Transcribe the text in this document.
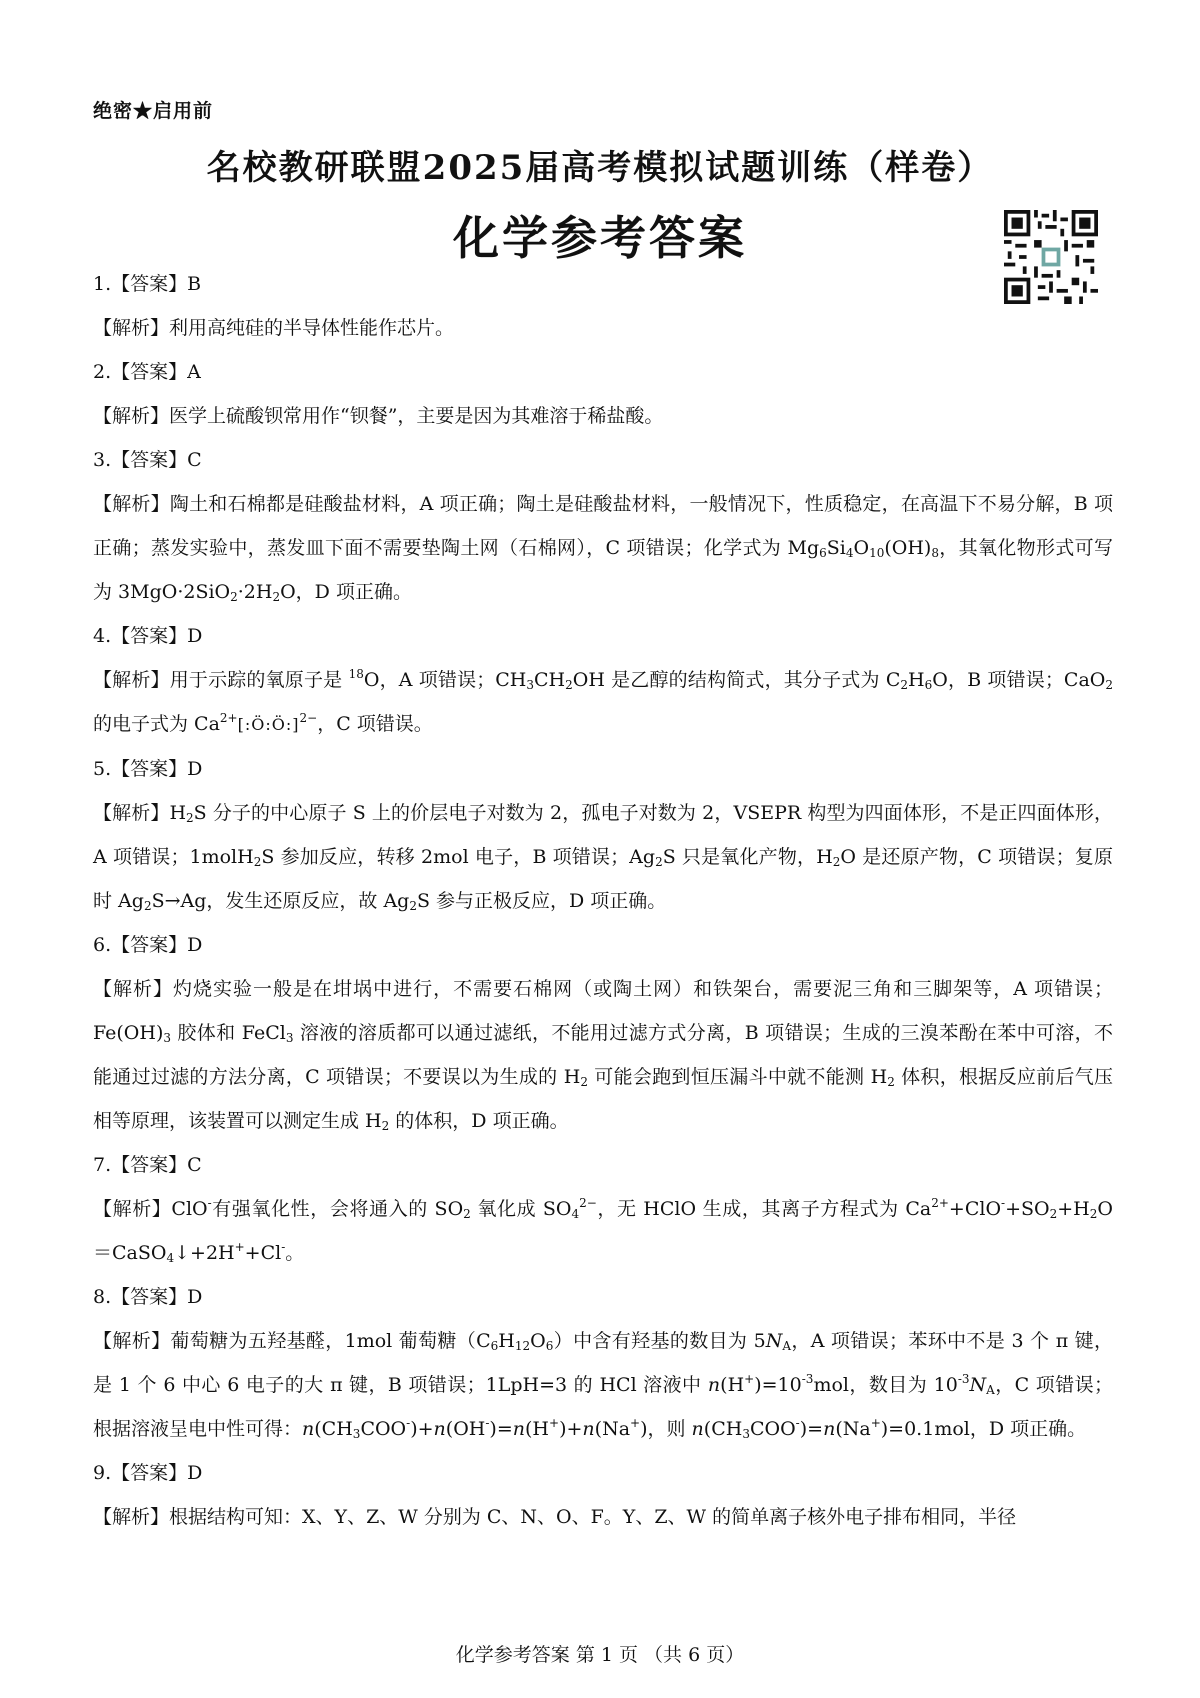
绝密★启用前
名校教研联盟2025届高考模拟试题训练（样卷）
化学参考答案

1.【答案】B

【解析】利用高纯硅的半导体性能作芯片。

2.【答案】A

【解析】医学上硫酸钡常用作“钡餐”，主要是因为其难溶于稀盐酸。

3.【答案】C

【解析】陶土和石棉都是硅酸盐材料，A 项正确；陶土是硅酸盐材料，一般情况下，性质稳定，在高温下不易分解，B 项正确；蒸发实验中，蒸发皿下面不需要垫陶土网（石棉网），C 项错误；化学式为 $Mg_6Si_4O_{10}(OH)_8$，其氧化物形式可写为 $3MgO\cdot 2SiO_2\cdot 2H_2O$，D 项正确。

4.【答案】D

【解析】用于示踪的氧原子是 $^{18}$O，A 项错误；$CH_3CH_2OH$ 是乙醇的结构简式，其分子式为 $C_2H_6O$，B 项错误；CaO$_2$ 的电子式为 $Ca^{2+}[:Ö:Ö:]^{2-}$，C 项错误。

5.【答案】D

【解析】$H_2S$ 分子的中心原子 S 上的价层电子对数为 2，孤电子对数为 2，VSEPR 构型为四面体形，不是正四面体形，A 项错误；1molH$_2$S 参加反应，转移 2mol 电子，B 项错误；$Ag_2S$ 只是氧化产物，$H_2O$ 是还原产物，C 项错误；复原时 $Ag_2S\to Ag$，发生还原反应，故 $Ag_2S$ 参与正极反应，D 项正确。

6.【答案】D

【解析】灼烧实验一般是在坩埚中进行，不需要石棉网（或陶土网）和铁架台，需要泥三角和三脚架等，A 项错误；$Fe(OH)_3$ 胶体和 FeCl$_3$ 溶液的溶质都可以通过滤纸，不能用过滤方式分离，B 项错误；生成的三溴苯酚在苯中可溶，不能通过过滤的方法分离，C 项错误；不要误以为生成的 $H_2$ 可能会跑到恒压漏斗中就不能测 $H_2$ 体积，根据反应前后气压相等原理，该装置可以测定生成 $H_2$ 的体积，D 项正确。

7.【答案】C

【解析】ClO-有强氧化性，会将通入的 $SO_2$ 氧化成 $SO_4^{2-}$，无 HClO 生成，其离子方程式为 $Ca^{2+}+ClO^-+SO_2+H_2O$ ＝CaSO$_4$↓+2H++Cl-。

8.【答案】D

【解析】葡萄糖为五羟基醛，1mol 葡萄糖$(C_6H_{12}O_6)$中含有羟基的数目为 $5N_A$，A 项错误；苯环中不是 3 个 π 键，是 1 个 6 中心 6 电子的大 π 键，B 项错误；1LpH=3 的 HCl 溶液中 $n(H^+)=10^{-3}mol$，数目为 $10^{-3}N_A$，C 项错误；根据溶液呈电中性可得：$n(CH_3COO^-)+n(OH^-)=n(H^+)+n(Na^+)$，则 $n(CH_3COO^-)=n(Na^+)=0.1mol$，D 项正确。

9.【答案】D

【解析】根据结构可知：X、Y、Z、W 分别为 C、N、O、F。Y、Z、W 的简单离子核外电子排布相同，半径

化学参考答案 第 1 页 （共 6 页）
